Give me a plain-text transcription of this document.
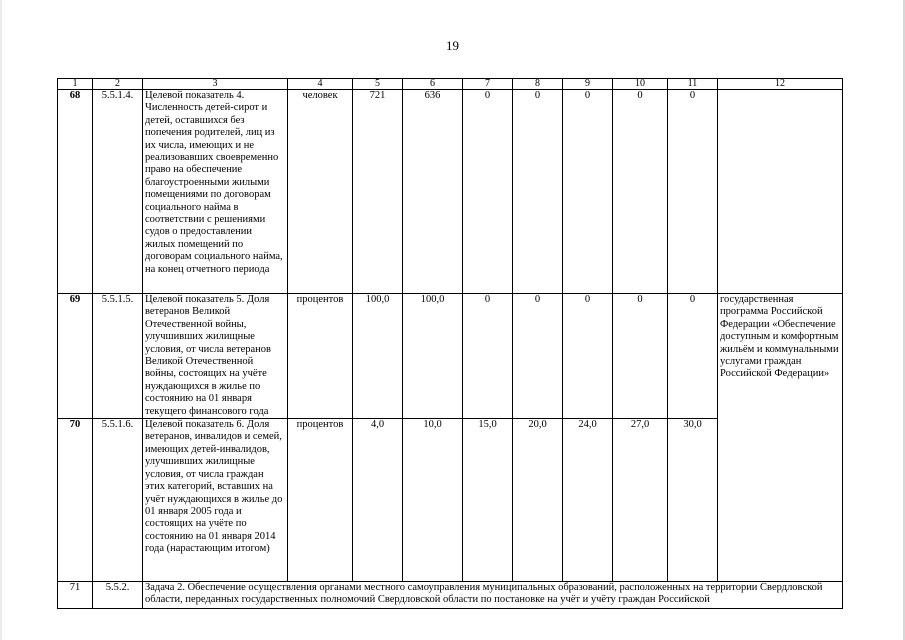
19
1	2	3	4	5	6	7	8	9	10	11	12
68	5.5.1.4.	Целевой показатель 4. Численность детей-сирот и детей, оставшихся без попечения родителей, лиц из их числа, имеющих и не реализовавших своевременно право на обеспечение благоустроенными жилыми помещениями по договорам социального найма в соответствии с решениями судов о предоставлении жилых помещений по договорам социального найма, на конец отчетного периода	человек	721	636	0	0	0	0	0	
69	5.5.1.5.	Целевой показатель 5. Доля ветеранов Великой Отечественной войны, улучшивших жилищные условия, от числа ветеранов Великой Отечественной войны, состоящих на учёте нуждающихся в жилье по состоянию на 01 января текущего финансового года	процентов	100,0	100,0	0	0	0	0	0	государственная программа Российской Федерации «Обеспечение доступным и комфортным жильём и коммунальными услугами граждан Российской Федерации»
70	5.5.1.6.	Целевой показатель 6. Доля ветеранов, инвалидов и семей, имеющих детей-инвалидов, улучшивших жилищные условия, от числа граждан этих категорий, вставших на учёт нуждающихся в жилье до 01 января 2005 года и состоящих на учёте по состоянию на 01 января 2014 года (нарастающим итогом)	процентов	4,0	10,0	15,0	20,0	24,0	27,0	30,0	
71	5.5.2.	Задача 2. Обеспечение осуществления органами местного самоуправления муниципальных образований, расположенных на территории Свердловской области, переданных государственных полномочий Свердловской области по постановке на учёт и учёту граждан Российской									
